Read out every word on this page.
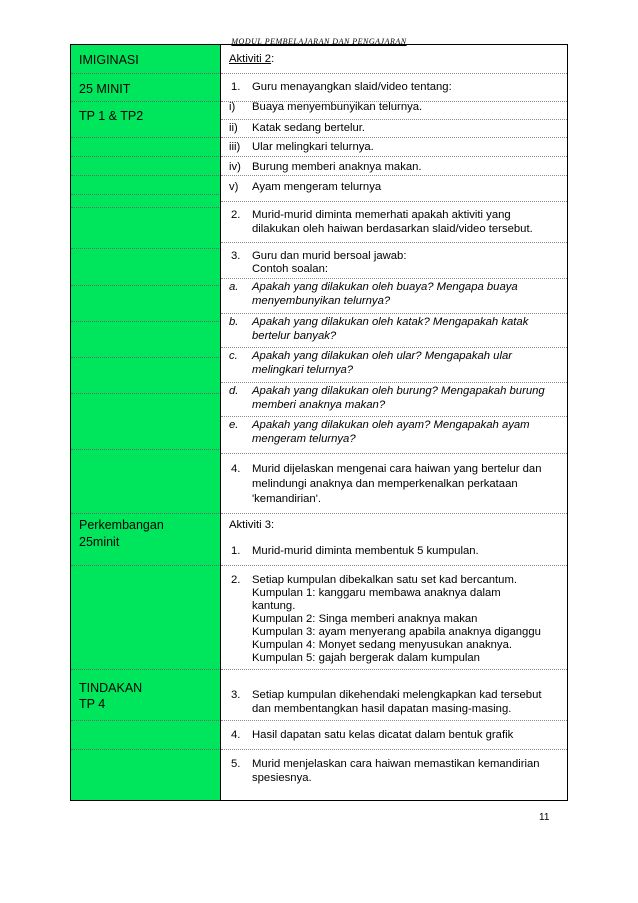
MODUL PEMBELAJARAN DAN PENGAJARAN
IMIGINASI
25 MINIT
TP 1 & TP2
Perkembangan
25minit
TINDAKAN
TP 4
Aktiviti 2:
1. Guru menayangkan slaid/video tentang:
i) Buaya menyembunyikan telurnya.
ii) Katak sedang bertelur.
iii) Ular melingkari telurnya.
iv) Burung memberi anaknya makan.
v) Ayam mengeram telurnya
2. Murid-murid diminta memerhati apakah aktiviti yang
dilakukan oleh haiwan berdasarkan slaid/video tersebut.
3. Guru dan murid bersoal jawab:
Contoh soalan:
a. Apakah yang dilakukan oleh buaya? Mengapa buaya
menyembunyikan telurnya?
b. Apakah yang dilakukan oleh katak? Mengapakah katak
bertelur banyak?
c. Apakah yang dilakukan oleh ular? Mengapakah ular
melingkari telurnya?
d. Apakah yang dilakukan oleh burung? Mengapakah burung
memberi anaknya makan?
e. Apakah yang dilakukan oleh ayam? Mengapakah ayam
mengeram telurnya?
4. Murid dijelaskan mengenai cara haiwan yang bertelur dan
melindungi anaknya dan memperkenalkan perkataan
'kemandirian'.
Aktiviti 3:
1. Murid-murid diminta membentuk 5 kumpulan.
2. Setiap kumpulan dibekalkan satu set kad bercantum.
Kumpulan 1: kanggaru membawa anaknya dalam
kantung.
Kumpulan 2: Singa memberi anaknya makan
Kumpulan 3: ayam menyerang apabila anaknya diganggu
Kumpulan 4: Monyet sedang menyusukan anaknya.
Kumpulan 5: gajah bergerak dalam kumpulan
3. Setiap kumpulan dikehendaki melengkapkan kad tersebut
dan membentangkan hasil dapatan masing-masing.
4. Hasil dapatan satu kelas dicatat dalam bentuk grafik
5. Murid menjelaskan cara haiwan memastikan kemandirian
spesiesnya.
11
